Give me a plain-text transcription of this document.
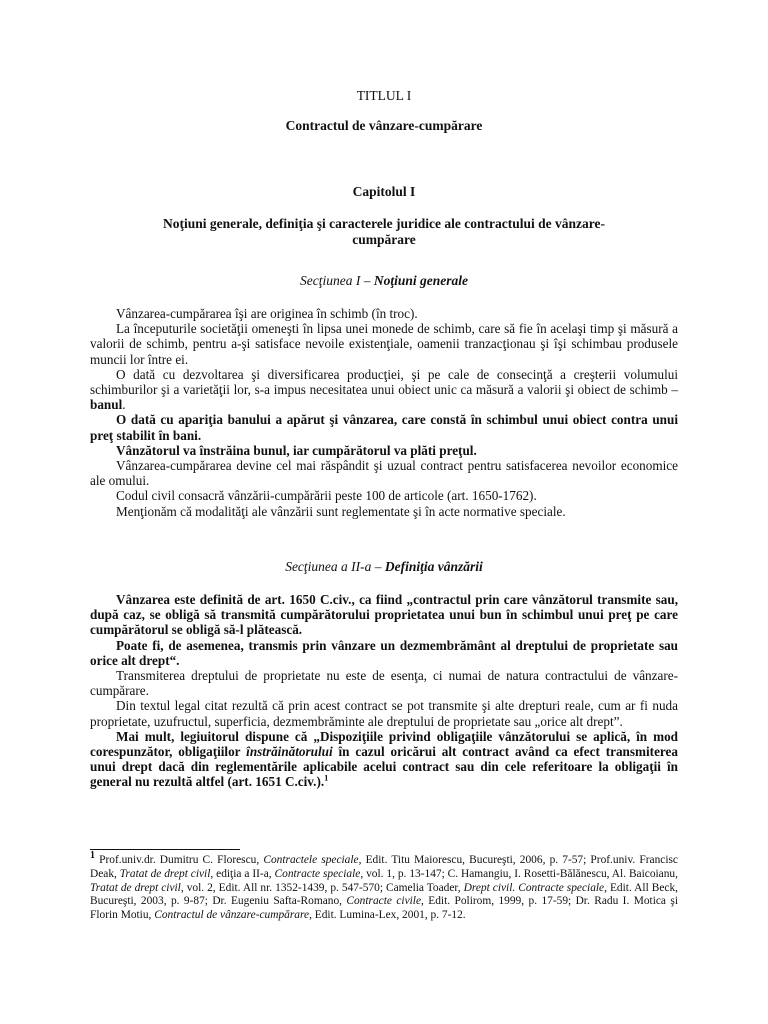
TITLUL I
Contractul de vânzare-cumpărare
Capitolul I
Noţiuni generale, definiţia şi caracterele juridice ale contractului de vânzare-cumpărare
Secţiunea I – Noţiuni generale

Vânzarea-cumpărarea îşi are originea în schimb (în troc).

La începuturile societăţii omeneşti în lipsa unei monede de schimb, care să fie în acelaşi timp şi măsură a valorii de schimb, pentru a-şi satisface nevoile existenţiale, oamenii tranzacţionau şi îşi schimbau produsele muncii lor între ei.

O dată cu dezvoltarea şi diversificarea producţiei, şi pe cale de consecinţă a creşterii volumului schimburilor şi a varietăţii lor, s-a impus necesitatea unui obiect unic ca măsură a valorii şi obiect de schimb – banul.

O dată cu apariţia banului a apărut şi vânzarea, care constă în schimbul unui obiect contra unui preţ stabilit în bani.

Vânzătorul va înstrăina bunul, iar cumpărătorul va plăti preţul.

Vânzarea-cumpărarea devine cel mai răspândit şi uzual contract pentru satisfacerea nevoilor economice ale omului.

Codul civil consacră vânzării-cumpărării peste 100 de articole (art. 1650-1762).

Menţionăm că modalităţi ale vânzării sunt reglementate şi în acte normative speciale.

Secţiunea a II-a – Definiţia vânzării

Vânzarea este definită de art. 1650 C.civ., ca fiind „contractul prin care vânzătorul transmite sau, după caz, se obligă să transmită cumpărătorului proprietatea unui bun în schimbul unui preţ pe care cumpărătorul se obligă să-l plătească.

Poate fi, de asemenea, transmis prin vânzare un dezmembrământ al dreptului de proprietate sau orice alt drept“.

Transmiterea dreptului de proprietate nu este de esenţa, ci numai de natura contractului de vânzare-cumpărare.

Din textul legal citat rezultă că prin acest contract se pot transmite şi alte drepturi reale, cum ar fi nuda proprietate, uzufructul, superficia, dezmembrăminte ale dreptului de proprietate sau „orice alt drept”.

Mai mult, legiuitorul dispune că „Dispoziţiile privind obligaţiile vânzătorului se aplică, în mod corespunzător, obligaţiilor înstrăinătorului în cazul oricărui alt contract având ca efect transmiterea unui drept dacă din reglementările aplicabile acelui contract sau din cele referitoare la obligaţii în general nu rezultă altfel (art. 1651 C.civ.).$^1$

1 Prof.univ.dr. Dumitru C. Florescu, Contractele speciale, Edit. Titu Maiorescu, Bucureşti, 2006, p. 7-57; Prof.univ. Francisc Deak, Tratat de drept civil, ediţia a II-a, Contracte speciale, vol. 1, p. 13-147; C. Hamangiu, I. Rosetti-Bălănescu, Al. Baicoianu, Tratat de drept civil, vol. 2, Edit. All nr. 1352-1439, p. 547-570; Camelia Toader, Drept civil. Contracte speciale, Edit. All Beck, Bucureşti, 2003, p. 9-87; Dr. Eugeniu Safta-Romano, Contracte civile, Edit. Polirom, 1999, p. 17-59; Dr. Radu I. Motica şi Florin Motiu, Contractul de vânzare-cumpărare, Edit. Lumina-Lex, 2001, p. 7-12.
